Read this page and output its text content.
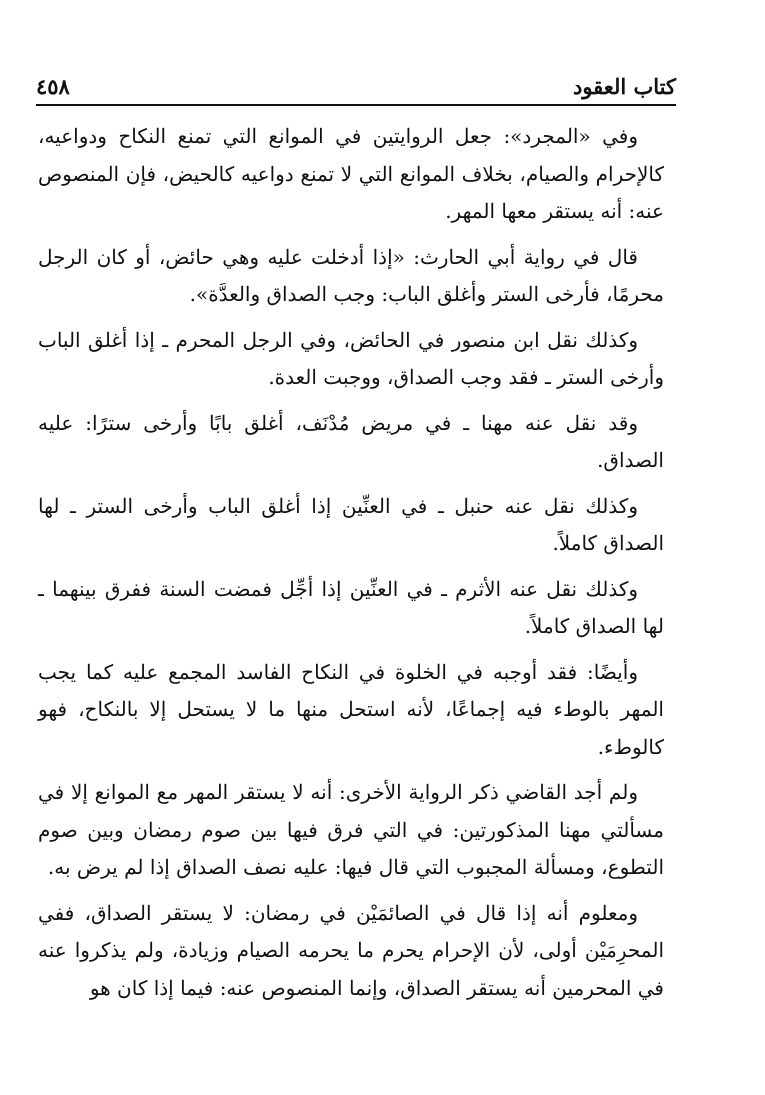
كتاب العقود
٤٥٨

وفي «المجرد»: جعل الروايتين في الموانع التي تمنع النكاح ودواعيه، كالإحرام والصيام، بخلاف الموانع التي لا تمنع دواعيه كالحيض، فإن المنصوص عنه: أنه يستقر معها المهر.

قال في رواية أبي الحارث: «إذا أدخلت عليه وهي حائض، أو كان الرجل محرمًا، فأرخى الستر وأغلق الباب: وجب الصداق والعدَّة».

وكذلك نقل ابن منصور في الحائض، وفي الرجل المحرم ـ إذا أغلق الباب وأرخى الستر ـ فقد وجب الصداق، ووجبت العدة.

وقد نقل عنه مهنا ـ في مريض مُدْنَف، أغلق بابًا وأرخى سترًا: عليه الصداق.

وكذلك نقل عنه حنبل ـ في العنِّين إذا أغلق الباب وأرخى الستر ـ لها الصداق كاملاً.

وكذلك نقل عنه الأثرم ـ في العنِّين إذا أجِّل فمضت السنة ففرق بينهما ـ لها الصداق كاملاً.

وأيضًا: فقد أوجبه في الخلوة في النكاح الفاسد المجمع عليه كما يجب المهر بالوطء فيه إجماعًا، لأنه استحل منها ما لا يستحل إلا بالنكاح، فهو كالوطء.

ولم أجد القاضي ذكر الرواية الأخرى: أنه لا يستقر المهر مع الموانع إلا في مسألتي مهنا المذكورتين: في التي فرق فيها بين صوم رمضان وبين صوم التطوع، ومسألة المجبوب التي قال فيها: عليه نصف الصداق إذا لم يرض به.

ومعلوم أنه إذا قال في الصائمَيْن في رمضان: لا يستقر الصداق، ففي المحرِمَيْن أولى، لأن الإحرام يحرم ما يحرمه الصيام وزيادة، ولم يذكروا عنه في المحرمين أنه يستقر الصداق، وإنما المنصوص عنه: فيما إذا كان هو
